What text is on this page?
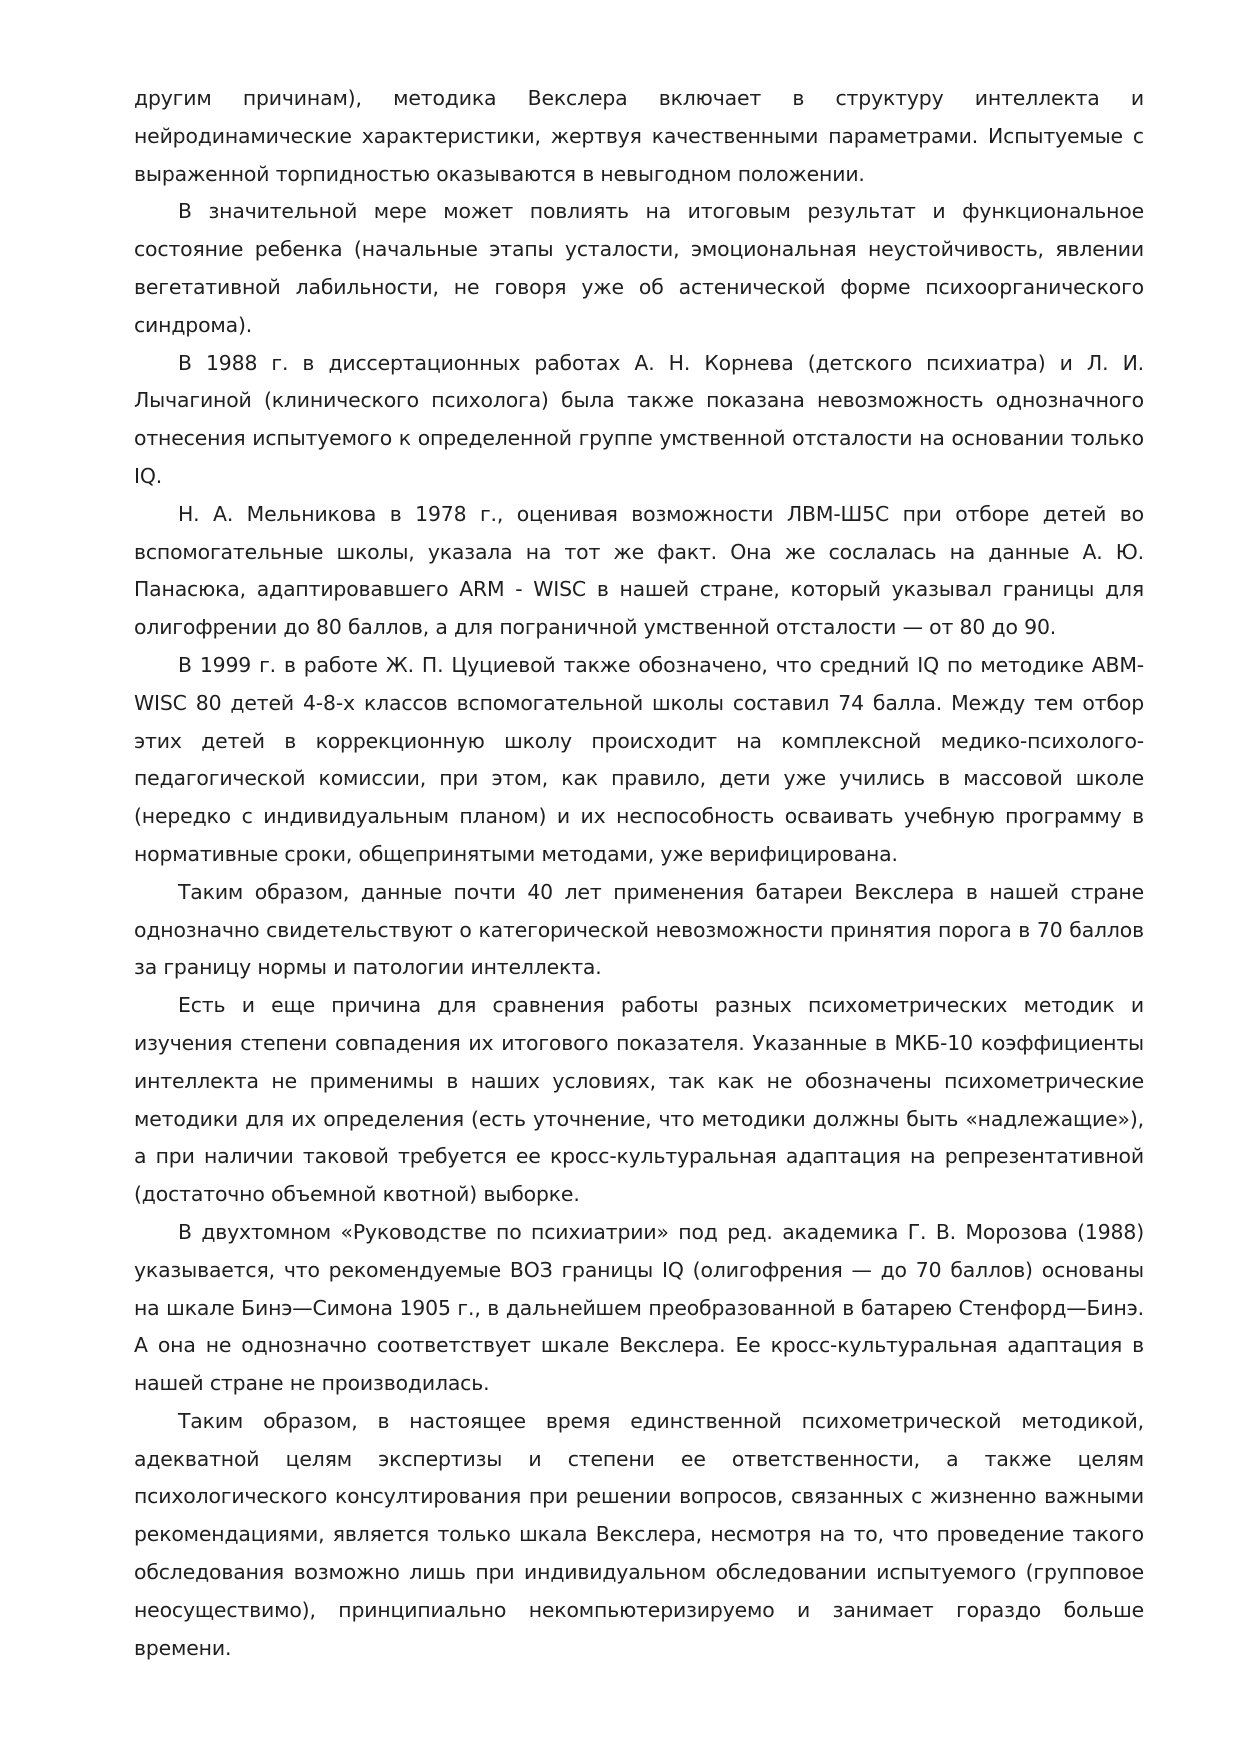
другим причинам), методика Векслера включает в структуру интеллекта и нейродинамические характеристики, жертвуя качественными параметрами. Испытуемые с выраженной торпидностью оказываются в невыгодном положении.

В значительной мере может повлиять на итоговым результат и функциональное состояние ребенка (начальные этапы усталости, эмоциональная неустойчивость, явлении вегетативной лабильности, не говоря уже об астенической форме психоорганического синдрома).

В 1988 г. в диссертационных работах А. Н. Корнева (детского психиатра) и Л. И. Лычагиной (клинического психолога) была также показана невозможность однозначного отнесения испытуемого к определенной группе умственной отсталости на основании только IQ.

Н. А. Мельникова в 1978 г., оценивая возможности ЛВМ-Ш5С при отборе детей во вспомогательные школы, указала на тот же факт. Она же сослалась на данные А. Ю. Панасюка, адаптировавшего ARM - WISC в нашей стране, который указывал границы для олигофрении до 80 баллов, а для пограничной умственной отсталости — от 80 до 90.

В 1999 г. в работе Ж. П. Цуциевой также обозначено, что средний IQ по методике АВМ- WISC 80 детей 4-8-х классов вспомогательной школы составил 74 балла. Между тем отбор этих детей в коррекционную школу происходит на комплексной медико-психолого-педагогической комиссии, при этом, как правило, дети уже учились в массовой школе (нередко с индивидуальным планом) и их неспособность осваивать учебную программу в нормативные сроки, общепринятыми методами, уже верифицирована.

Таким образом, данные почти 40 лет применения батареи Векслера в нашей стране однозначно свидетельствуют о категорической невозможности принятия порога в 70 баллов за границу нормы и патологии интеллекта.

Есть и еще причина для сравнения работы разных психометрических методик и изучения степени совпадения их итогового показателя. Указанные в МКБ-10 коэффициенты интеллекта не применимы в наших условиях, так как не обозначены психометрические методики для их определения (есть уточнение, что методики должны быть «надлежащие»), а при наличии таковой требуется ее кросс-культуральная адаптация на репрезентативной (достаточно объемной квотной) выборке.

В двухтомном «Руководстве по психиатрии» под ред. академика Г. В. Морозова (1988) указывается, что рекомендуемые ВОЗ границы IQ (олигофрения — до 70 баллов) основаны на шкале Бинэ—Симона 1905 г., в дальнейшем преобразованной в батарею Стенфорд—Бинэ. А она не однозначно соответствует шкале Векслера. Ее кросс-культуральная адаптация в нашей стране не производилась.

Таким образом, в настоящее время единственной психометрической методикой, адекватной целям экспертизы и степени ее ответственности, а также целям психологического консултирования при решении вопросов, связанных с жизненно важными рекомендациями, является только шкала Векслера, несмотря на то, что проведение такого обследования возможно лишь при индивидуальном обследовании испытуемого (групповое неосуществимо), принципиально некомпьютеризируемо и занимает гораздо больше времени.
